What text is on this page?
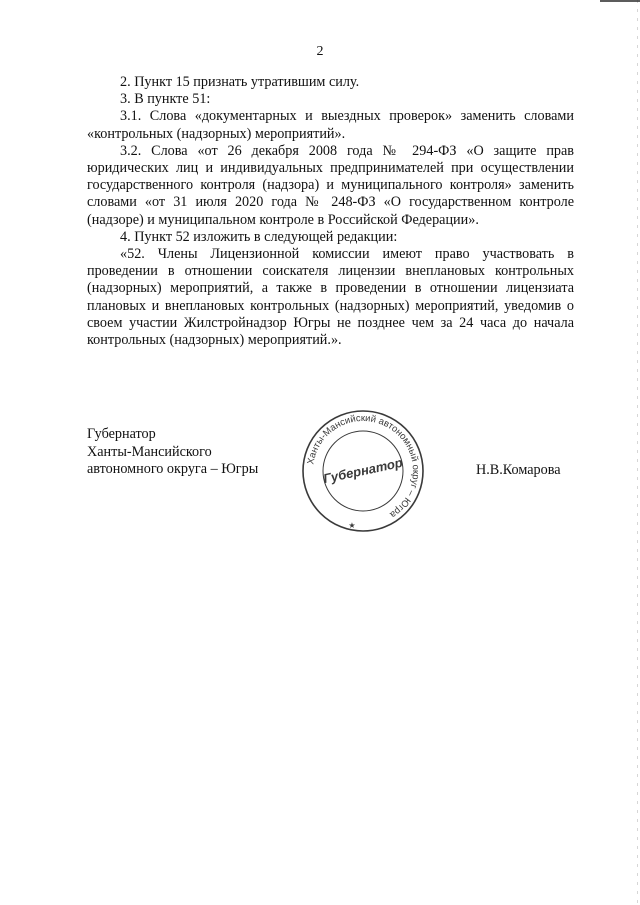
2

2. Пункт 15 признать утратившим силу.

3. В пункте 51:

3.1. Слова «документарных и выездных проверок» заменить словами «контрольных (надзорных) мероприятий».

3.2. Слова «от 26 декабря 2008 года № 294-ФЗ «О защите прав юридических лиц и индивидуальных предпринимателей при осуществлении государственного контроля (надзора) и муниципального контроля» заменить словами «от 31 июля 2020 года № 248-ФЗ «О государственном контроле (надзоре) и муниципальном контроле в Российской Федерации».

4. Пункт 52 изложить в следующей редакции:

«52. Члены Лицензионной комиссии имеют право участвовать в проведении в отношении соискателя лицензии внеплановых контрольных (надзорных) мероприятий, а также в проведении в отношении лицензиата плановых и внеплановых контрольных (надзорных) мероприятий, уведомив о своем участии Жилстройнадзор Югры не позднее чем за 24 часа до начала контрольных (надзорных) мероприятий.».

Губернатор
Ханты-Мансийского
автономного округа – Югры	Ханты-Мансийский автономный округ – Югра
Губернатор
★
Н.В.Комарова
